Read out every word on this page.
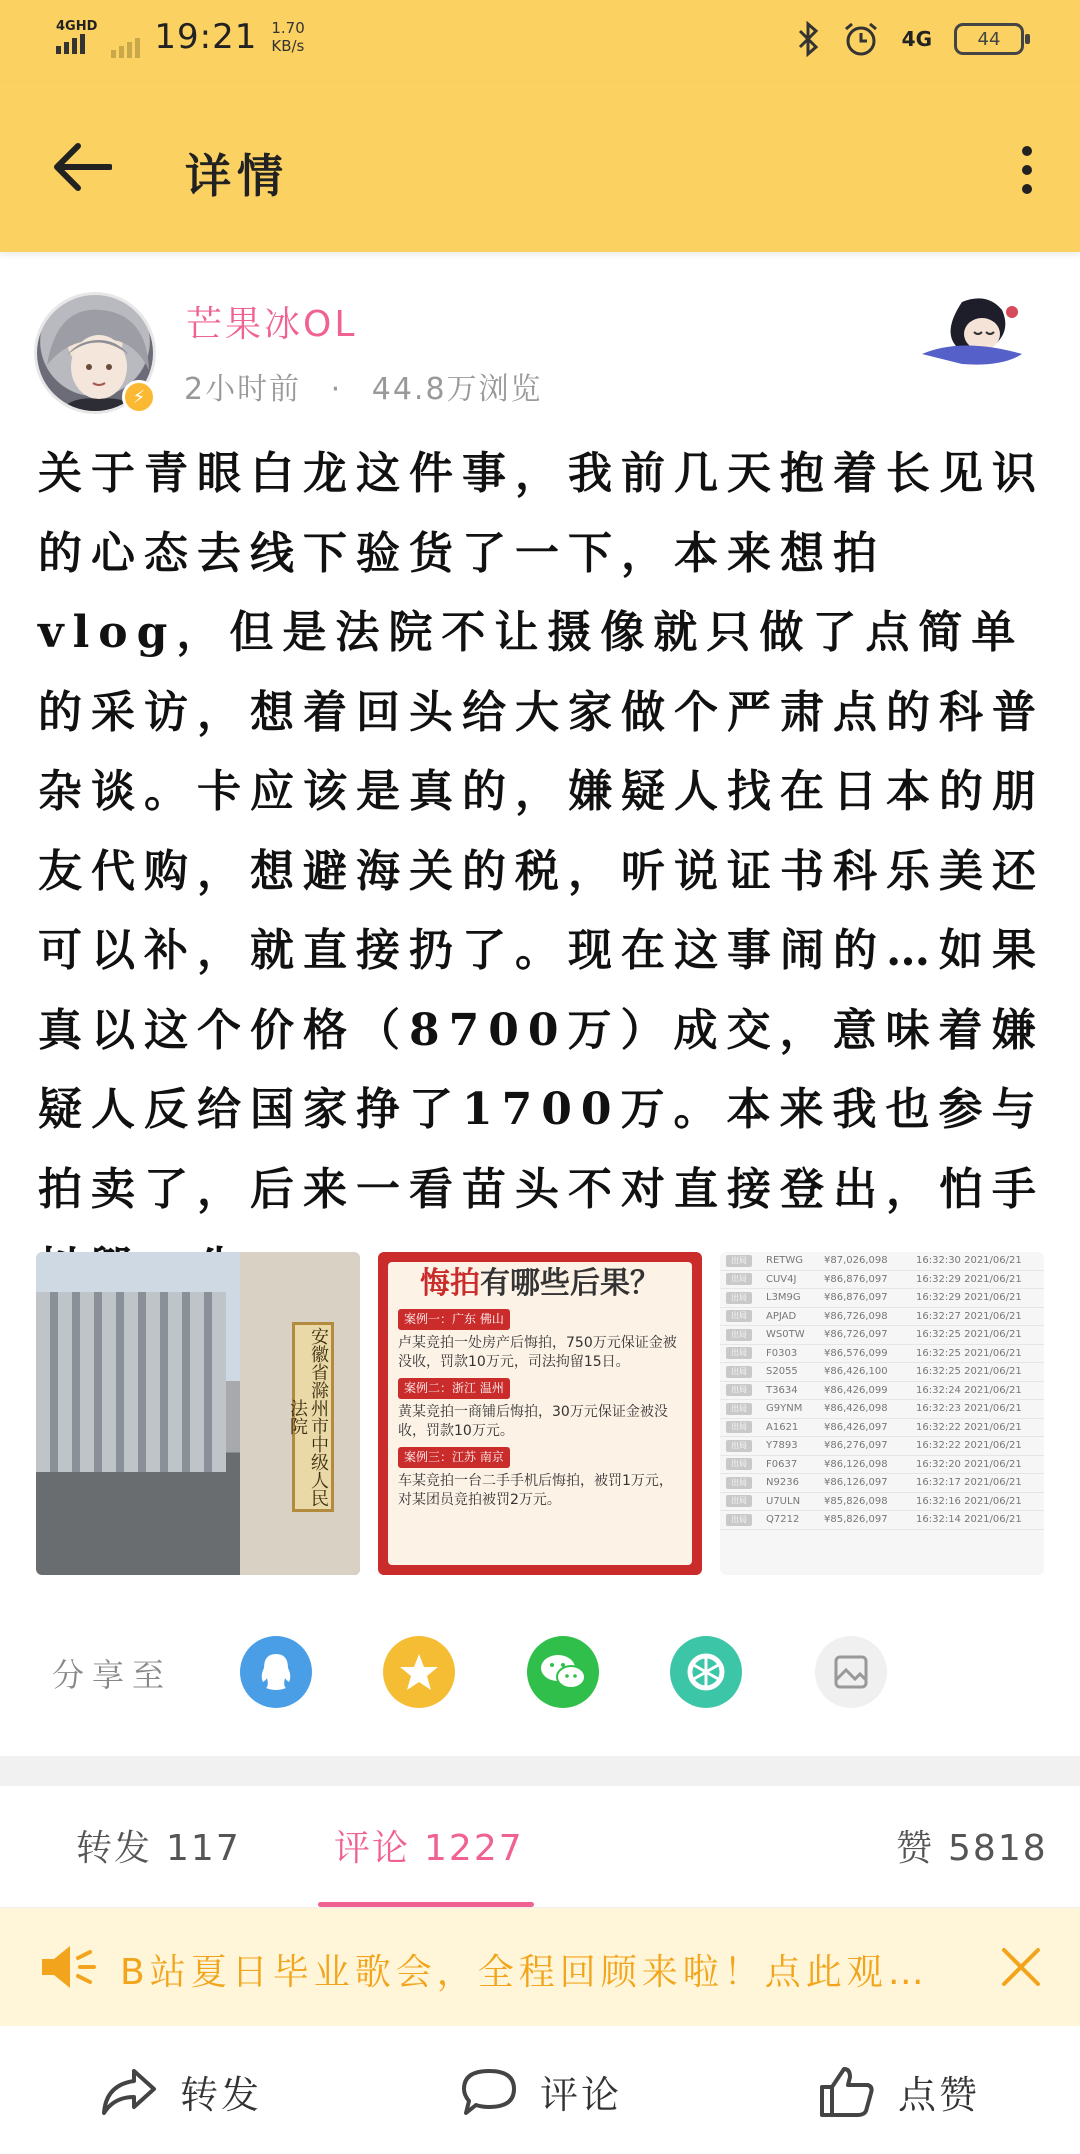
4GHD 19:21 1.70
KB/s	4G	44
详情
⚡
芒果冰OL
2小时前 · 44.8万浏览
关于青眼白龙这件事，我前几天抱着长见识的心态去线下验货了一下，本来想拍vlog，但是法院不让摄像就只做了点简单的采访，想着回头给大家做个严肃点的科普杂谈。卡应该是真的，嫌疑人找在日本的朋友代购，想避海关的税，听说证书科乐美还可以补，就直接扔了。现在这事闹的…如果真以这个价格（8700万）成交，意味着嫌疑人反给国家挣了1700万。本来我也参与拍卖了，后来一看苗头不对直接登出，怕手
安徽省滁州市中级人民法院
悔拍有哪些后果？
案例一：广东 佛山
卢某竞拍一处房产后悔拍，750万元保证金被没收，罚款10万元，司法拘留15日。
案例二：浙江 温州
黄某竞拍一商铺后悔拍，30万元保证金被没收，罚款10万元。
案例三：江苏 南京
车某竞拍一台二手手机后悔拍，被罚1万元，对某团员竞拍被罚2万元。
出局	RETWG	¥87,026,098	16:32:30 2021/06/21
出局	CUV4J	¥86,876,097	16:32:29 2021/06/21
出局	L3M9G	¥86,876,097	16:32:29 2021/06/21
出局	APJAD	¥86,726,098	16:32:27 2021/06/21
出局	WS0TW	¥86,726,097	16:32:25 2021/06/21
出局	F0303	¥86,576,099	16:32:25 2021/06/21
出局	S2055	¥86,426,100	16:32:25 2021/06/21
出局	T3634	¥86,426,099	16:32:24 2021/06/21
出局	G9YNM	¥86,426,098	16:32:23 2021/06/21
出局	A1621	¥86,426,097	16:32:22 2021/06/21
出局	Y7893	¥86,276,097	16:32:22 2021/06/21
出局	F0637	¥86,126,098	16:32:20 2021/06/21
出局	N9236	¥86,126,097	16:32:17 2021/06/21
出局	U7ULN	¥85,826,098	16:32:16 2021/06/21
出局	Q7212	¥85,826,097	16:32:14 2021/06/21
分享至
转发 117	评论 1227	赞 5818
B站夏日毕业歌会，全程回顾来啦！点此观…
转发	评论	点赞
